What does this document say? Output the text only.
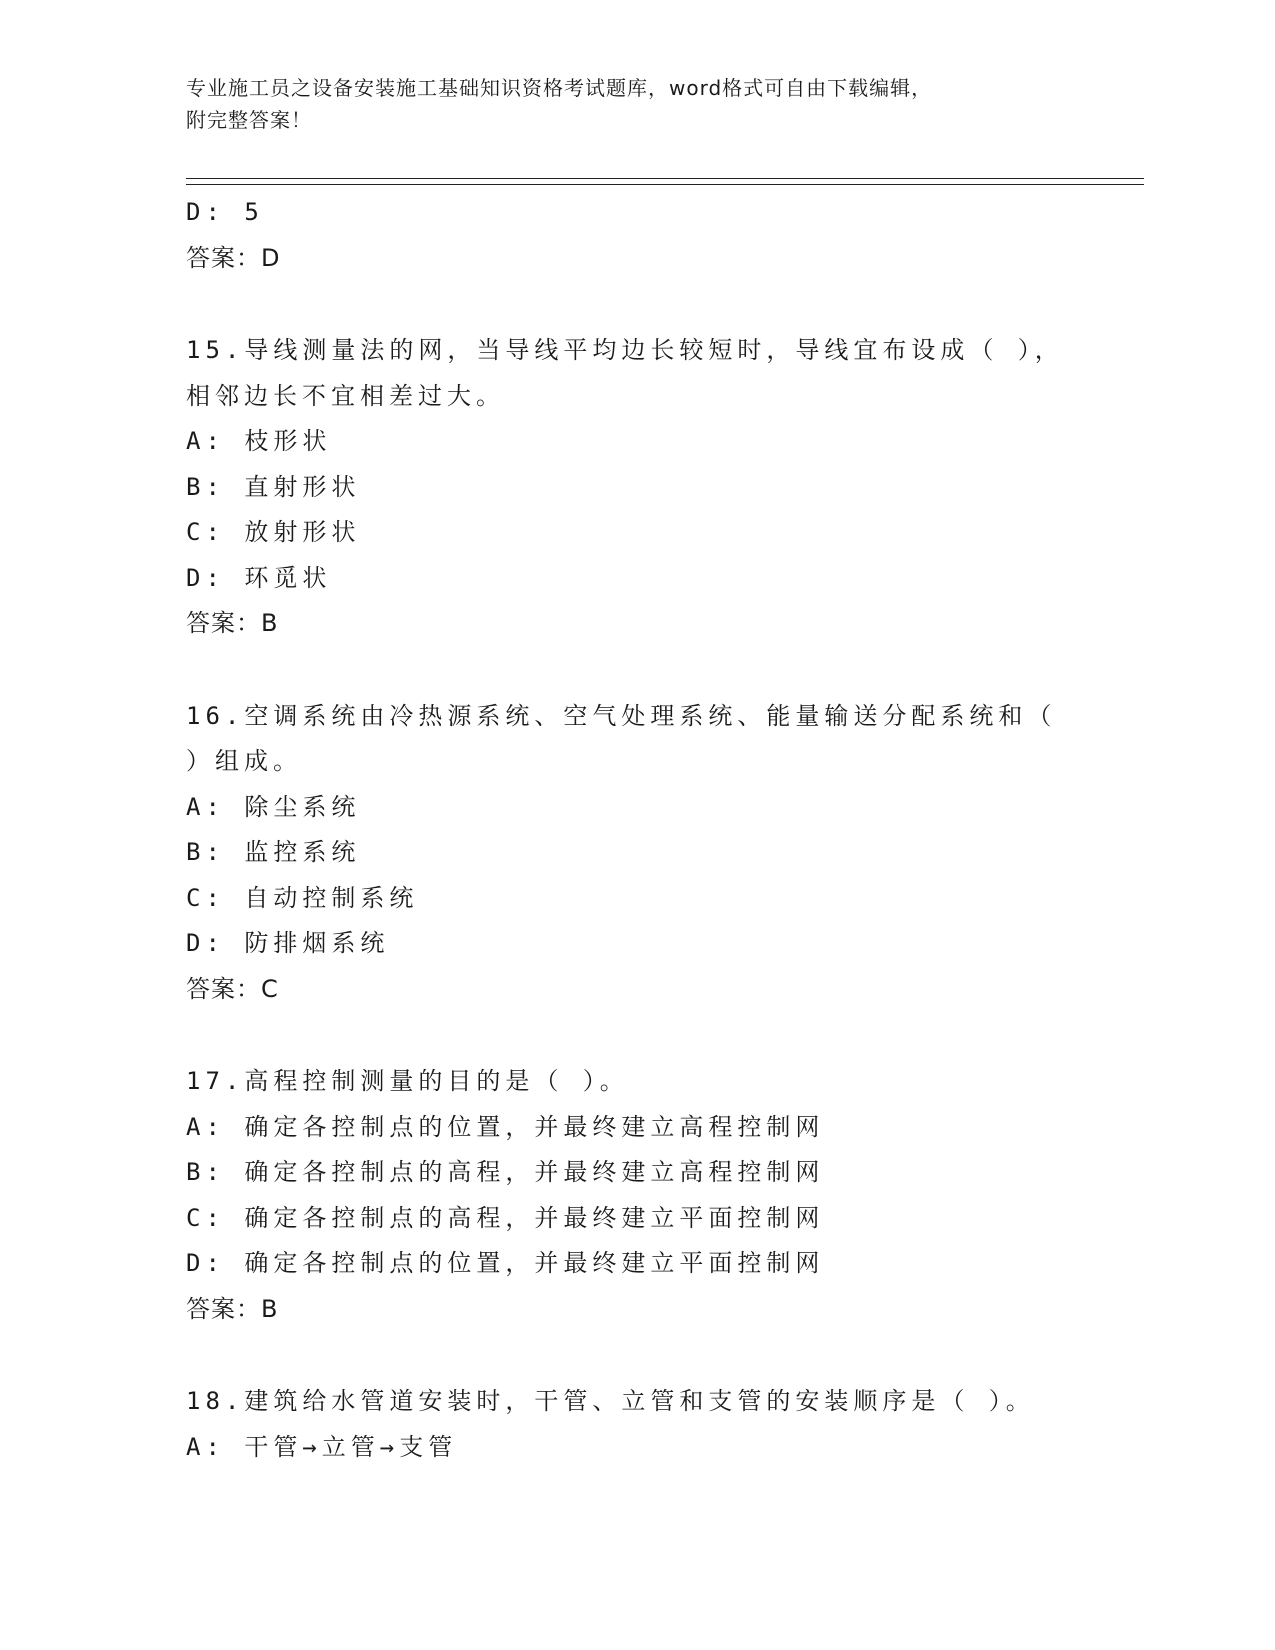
专业施工员之设备安装施工基础知识资格考试题库，word格式可自由下载编辑，
附完整答案！
D: 5
答案：D
15.导线测量法的网，当导线平均边长较短时，导线宜布设成（ ），
相邻边长不宜相差过大。
A: 枝形状
B: 直射形状
C: 放射形状
D: 环觅状
答案：B
16.空调系统由冷热源系统、空气处理系统、能量输送分配系统和（
）组成。
A: 除尘系统
B: 监控系统
C: 自动控制系统
D: 防排烟系统
答案：C
17.高程控制测量的目的是（ ）。
A: 确定各控制点的位置，并最终建立高程控制网
B: 确定各控制点的高程，并最终建立高程控制网
C: 确定各控制点的高程，并最终建立平面控制网
D: 确定各控制点的位置，并最终建立平面控制网
答案：B
18.建筑给水管道安装时，干管、立管和支管的安装顺序是（ ）。
A: 干管→立管→支管
